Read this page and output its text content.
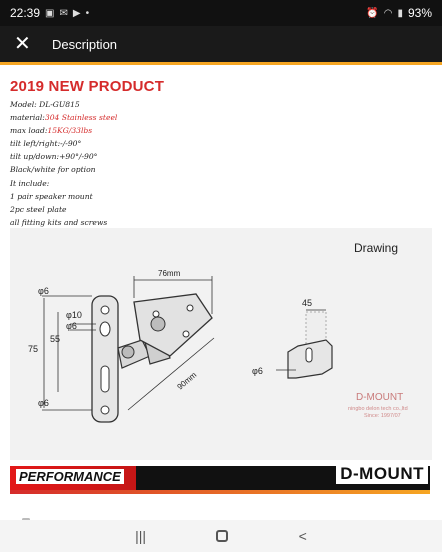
22:39 ▣ ✉ ▶ •	⏰ ◠ ▮ 93%
✕	Description
2019 NEW PRODUCT
Model: DL-GU815
material:304 Stainless steel
max load:15KG/33lbs
tilt left/right:-/-90°
tilt up/down:+90°/-90°
Black/white for option
It include:
1 pair speaker mount
2pc steel plate
all fitting kits and screws
Drawing
φ6
φ10
φ6
75
55
φ6
76mm
90mm
45
φ6
D-MOUNT
ningbo delon tech co.,ltd
Since: 1997/07
PERFORMANCE	D-MOUNT
|||	<
